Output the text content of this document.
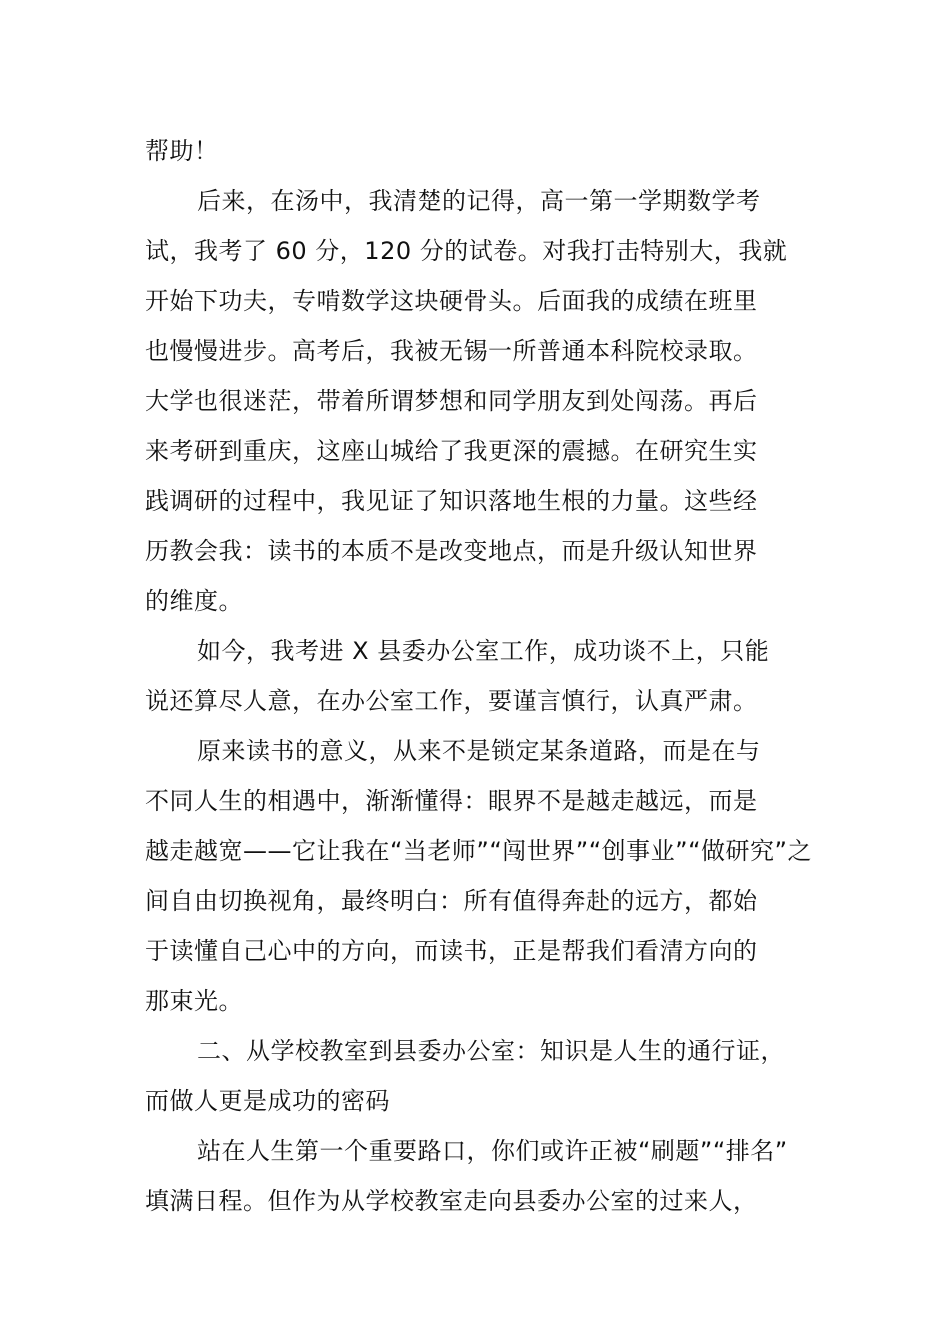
帮助！
后来，在汤中，我清楚的记得，高一第一学期数学考
试，我考了 60 分，120 分的试卷。对我打击特别大，我就
开始下功夫，专啃数学这块硬骨头。后面我的成绩在班里
也慢慢进步。高考后，我被无锡一所普通本科院校录取。
大学也很迷茫，带着所谓梦想和同学朋友到处闯荡。再后
来考研到重庆，这座山城给了我更深的震撼。在研究生实
践调研的过程中，我见证了知识落地生根的力量。这些经
历教会我：读书的本质不是改变地点，而是升级认知世界
的维度。
如今，我考进 X 县委办公室工作，成功谈不上，只能
说还算尽人意，在办公室工作，要谨言慎行，认真严肃。
原来读书的意义，从来不是锁定某条道路，而是在与
不同人生的相遇中，渐渐懂得：眼界不是越走越远，而是
越走越宽——它让我在“当老师”“闯世界”“创事业”“做研究”之
间自由切换视角，最终明白：所有值得奔赴的远方，都始
于读懂自己心中的方向，而读书，正是帮我们看清方向的
那束光。
二、从学校教室到县委办公室：知识是人生的通行证，
而做人更是成功的密码
站在人生第一个重要路口，你们或许正被“刷题”“排名”
填满日程。但作为从学校教室走向县委办公室的过来人，
